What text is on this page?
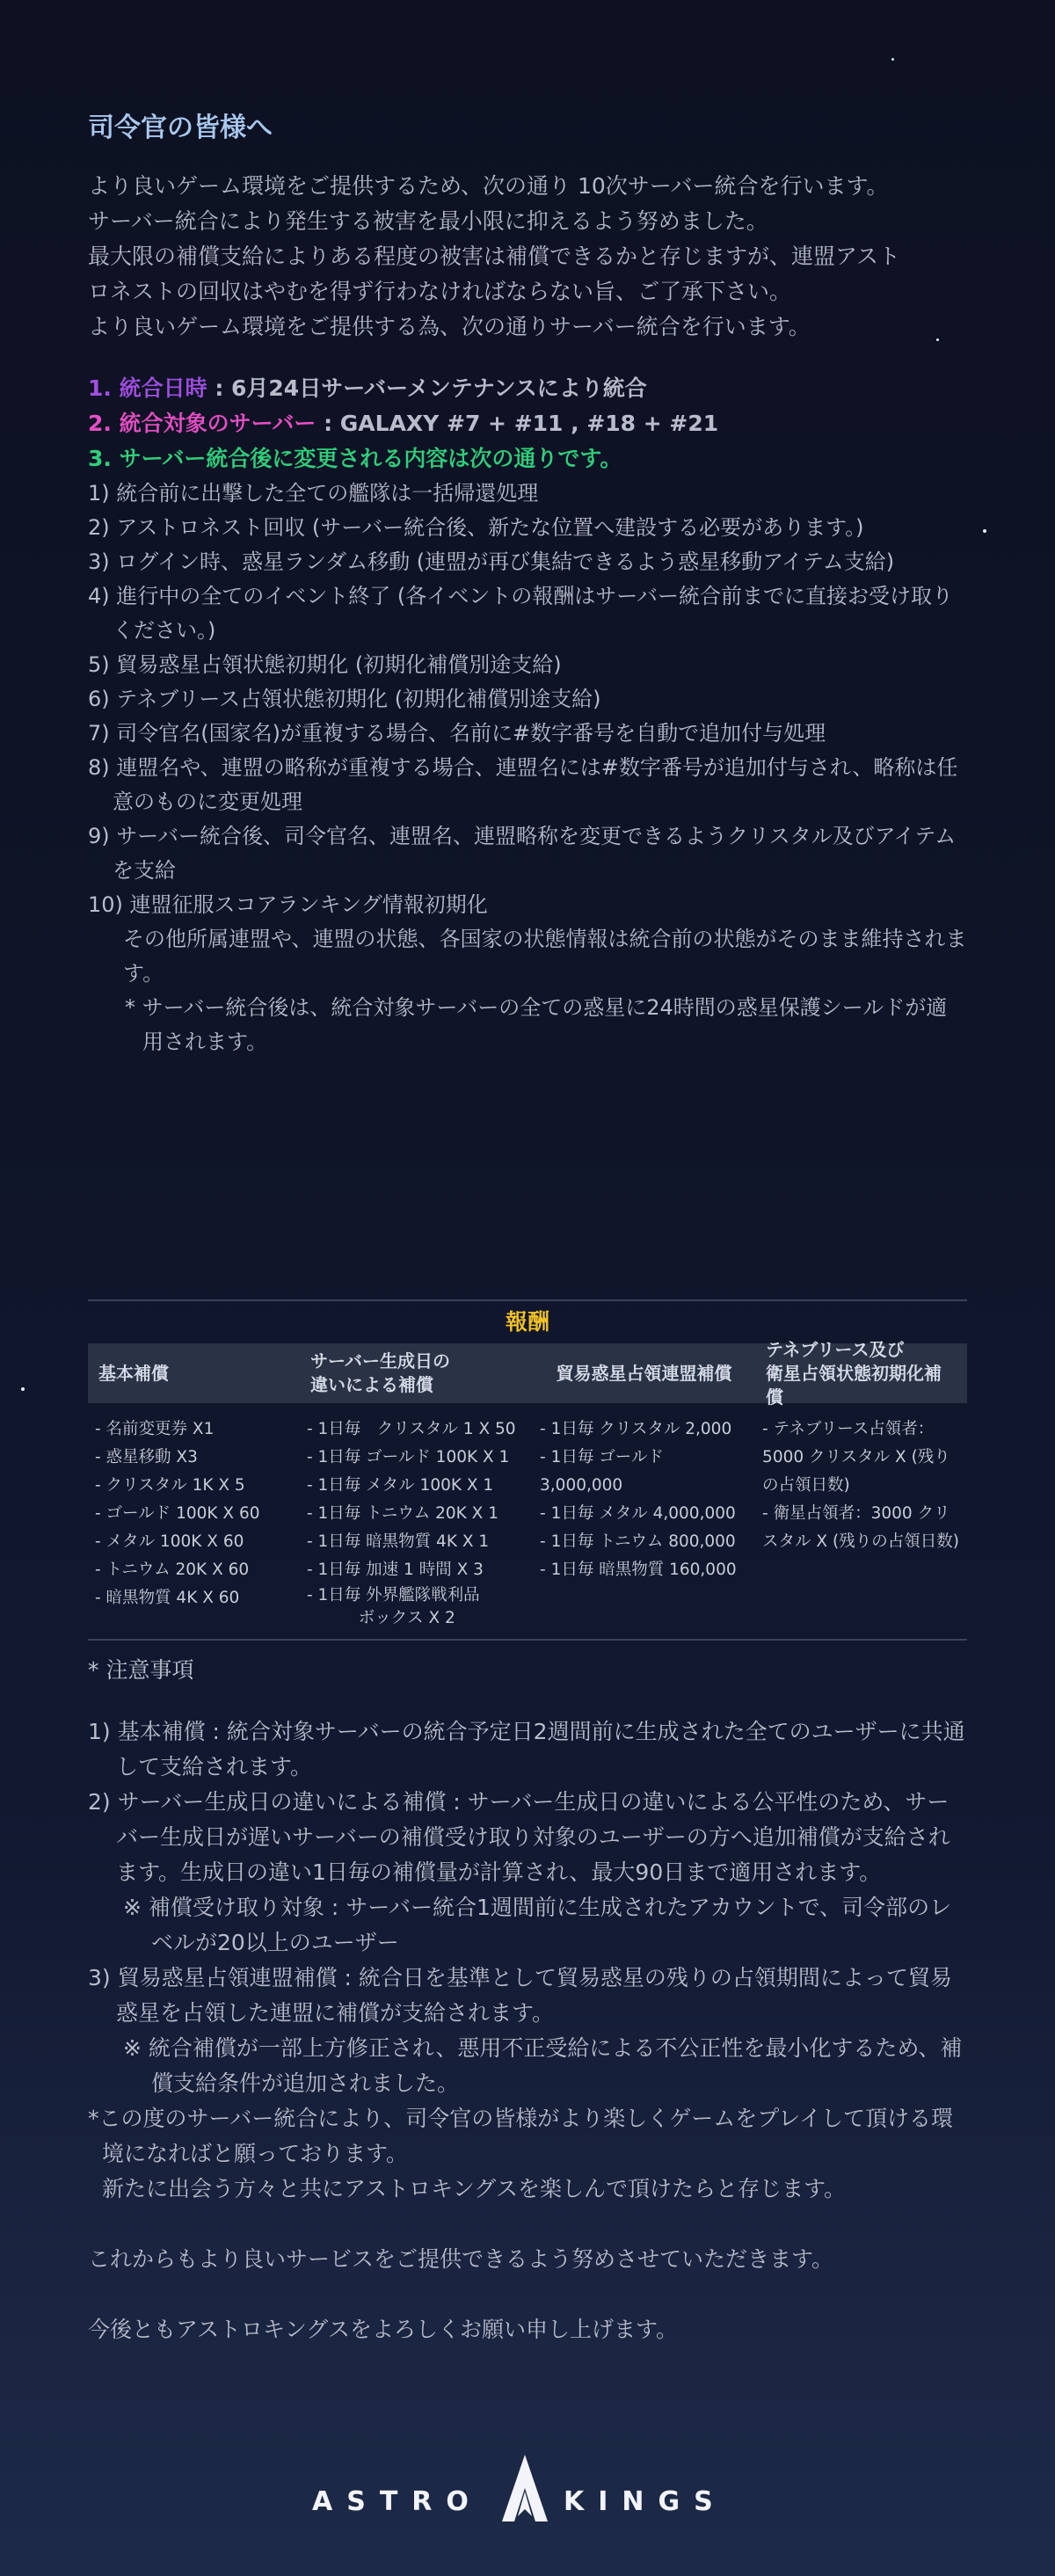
司令官の皆様へ

より良いゲーム環境をご提供するため、次の通り 10次サーバー統合を行います。

サーバー統合により発生する被害を最小限に抑えるよう努めました。

最大限の補償支給によりある程度の被害は補償できるかと存じますが、連盟アスト

ロネストの回収はやむを得ず行わなければならない旨、ご了承下さい。

より良いゲーム環境をご提供する為、次の通りサーバー統合を行います。

1. 統合日時 : 6月24日サーバーメンテナンスにより統合

2. 統合対象のサーバー : GALAXY #7 + #11 , #18 + #21

3. サーバー統合後に変更される内容は次の通りです。

1) 統合前に出撃した全ての艦隊は一括帰還処理
2) アストロネスト回収 (サーバー統合後、新たな位置へ建設する必要があります。)
3) ログイン時、惑星ランダム移動 (連盟が再び集結できるよう惑星移動アイテム支給)
4) 進行中の全てのイベント終了 (各イベントの報酬はサーバー統合前までに直接お受け取りください。)
5) 貿易惑星占領状態初期化 (初期化補償別途支給)
6) テネブリース占領状態初期化 (初期化補償別途支給)
7) 司令官名(国家名)が重複する場合、名前に#数字番号を自動で追加付与処理
8) 連盟名や、連盟の略称が重複する場合、連盟名には#数字番号が追加付与され、略称は任意のものに変更処理
9) サーバー統合後、司令官名、連盟名、連盟略称を変更できるようクリスタル及びアイテムを支給
10) 連盟征服スコアランキング情報初期化
その他所属連盟や、連盟の状態、各国家の状態情報は統合前の状態がそのまま維持されます。
* サーバー統合後は、統合対象サーバーの全ての惑星に24時間の惑星保護シールドが適用されます。
報酬
基本補償
- 名前変更券 X1
- 惑星移動 X3
- クリスタル 1K X 5
- ゴールド 100K X 60
- メタル 100K X 60
- トニウム 20K X 60
- 暗黒物質 4K X 60
サーバー生成日の
違いによる補償
- 1日毎　クリスタル 1 X 50
- 1日毎 ゴールド 100K X 1
- 1日毎 メタル 100K X 1
- 1日毎 トニウム 20K X 1
- 1日毎 暗黒物質 4K X 1
- 1日毎 加速 1 時間 X 3
- 1日毎 外界艦隊戦利品
ボックス X 2
貿易惑星占領連盟補償
- 1日毎 クリスタル 2,000
- 1日毎 ゴールド 3,000,000
- 1日毎 メタル 4,000,000
- 1日毎 トニウム 800,000
- 1日毎 暗黒物質 160,000
テネブリース及び
衛星占領状態初期化補償
- テネブリース占領者：
5000 クリスタル X (残り
の占領日数)
- 衛星占領者：3000 クリ
スタル X (残りの占領日数)
* 注意事項
1) 基本補償 : 統合対象サーバーの統合予定日2週間前に生成された全てのユーザーに共通して支給されます。
2) サーバー生成日の違いによる補償 : サーバー生成日の違いによる公平性のため、サーバー生成日が遅いサーバーの補償受け取り対象のユーザーの方へ追加補償が支給されます。生成日の違い1日毎の補償量が計算され、最大90日まで適用されます。
※ 補償受け取り対象 : サーバー統合1週間前に生成されたアカウントで、司令部のレベルが20以上のユーザー
3) 貿易惑星占領連盟補償 : 統合日を基準として貿易惑星の残りの占領期間によって貿易惑星を占領した連盟に補償が支給されます。
※ 統合補償が一部上方修正され、悪用不正受給による不公正性を最小化するため、補償支給条件が追加されました。
*この度のサーバー統合により、司令官の皆様がより楽しくゲームをプレイして頂ける環境になればと願っております。
新たに出会う方々と共にアストロキングスを楽しんで頂けたらと存じます。
これからもより良いサービスをご提供できるよう努めさせていただきます。
今後ともアストロキングスをよろしくお願い申し上げます。
ASTRO	KINGS
